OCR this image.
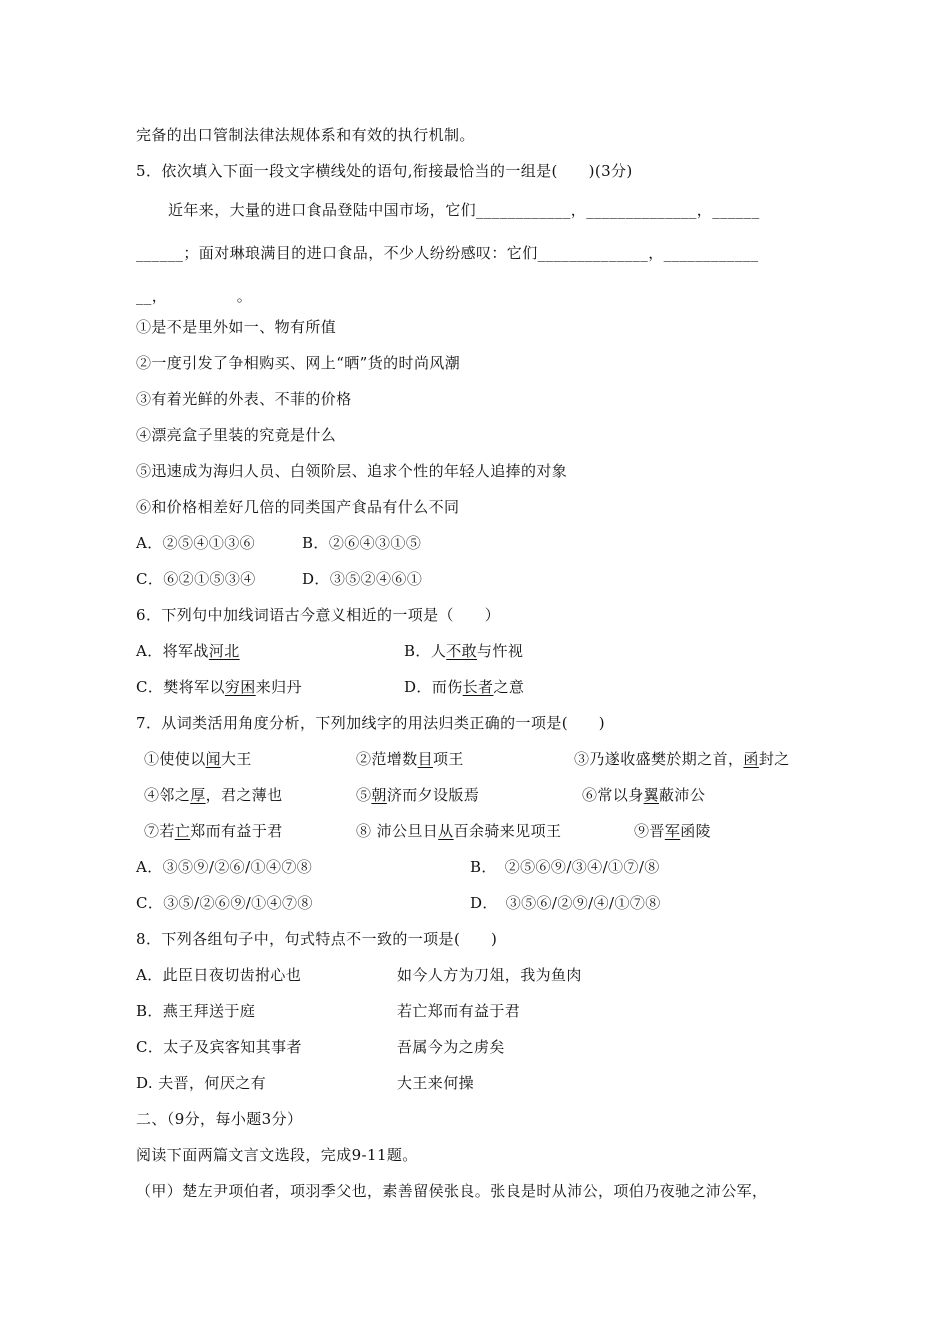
完备的出口管制法律法规体系和有效的执行机制。
5．依次填入下面一段文字横线处的语句,衔接最恰当的一组是(　　)(3分)
近年来，大量的进口食品登陆中国市场，它们____________，______________，______
______；面对琳琅满目的进口食品，不少人纷纷感叹：它们______________，____________
__，　　　　　。
①是不是里外如一、物有所值
②一度引发了争相购买、网上“晒”货的时尚风潮
③有着光鲜的外表、不菲的价格
④漂亮盒子里装的究竟是什么
⑤迅速成为海归人员、白领阶层、追求个性的年轻人追捧的对象
⑥和价格相差好几倍的同类国产食品有什么不同
A．②⑤④①③⑥	B．②⑥④③①⑤
C．⑥②①⑤③④	D．③⑤②④⑥①
6．下列句中加线词语古今意义相近的一项是（　　）
A．将军战河北	B．人不敢与忤视
C．樊将军以穷困来归丹	D．而伤长者之意
7．从词类活用角度分析，下列加线字的用法归类正确的一项是(　　)
①使使以闻大王	②范增数目项王	③乃遂收盛樊於期之首，函封之
④邻之厚，君之薄也	⑤朝济而夕设版焉	⑥常以身翼蔽沛公
⑦若亡郑而有益于君	⑧ 沛公旦日从百余骑来见项王	⑨晋军函陵
A．③⑤⑨/②⑥/①④⑦⑧	B．　②⑤⑥⑨/③④/①⑦/⑧
C．③⑤/②⑥⑨/①④⑦⑧	D．　③⑤⑥/②⑨/④/①⑦⑧
8．下列各组句子中，句式特点不一致的一项是(　　)
A．此臣日夜切齿拊心也	如今人方为刀俎，我为鱼肉
B．燕王拜送于庭	若亡郑而有益于君
C．太子及宾客知其事者	吾属今为之虏矣
D. 夫晋，何厌之有	大王来何操
二、（9分，每小题3分）
阅读下面两篇文言文选段，完成9-11题。
（甲）楚左尹项伯者，项羽季父也，素善留侯张良。张良是时从沛公，项伯乃夜驰之沛公军，
